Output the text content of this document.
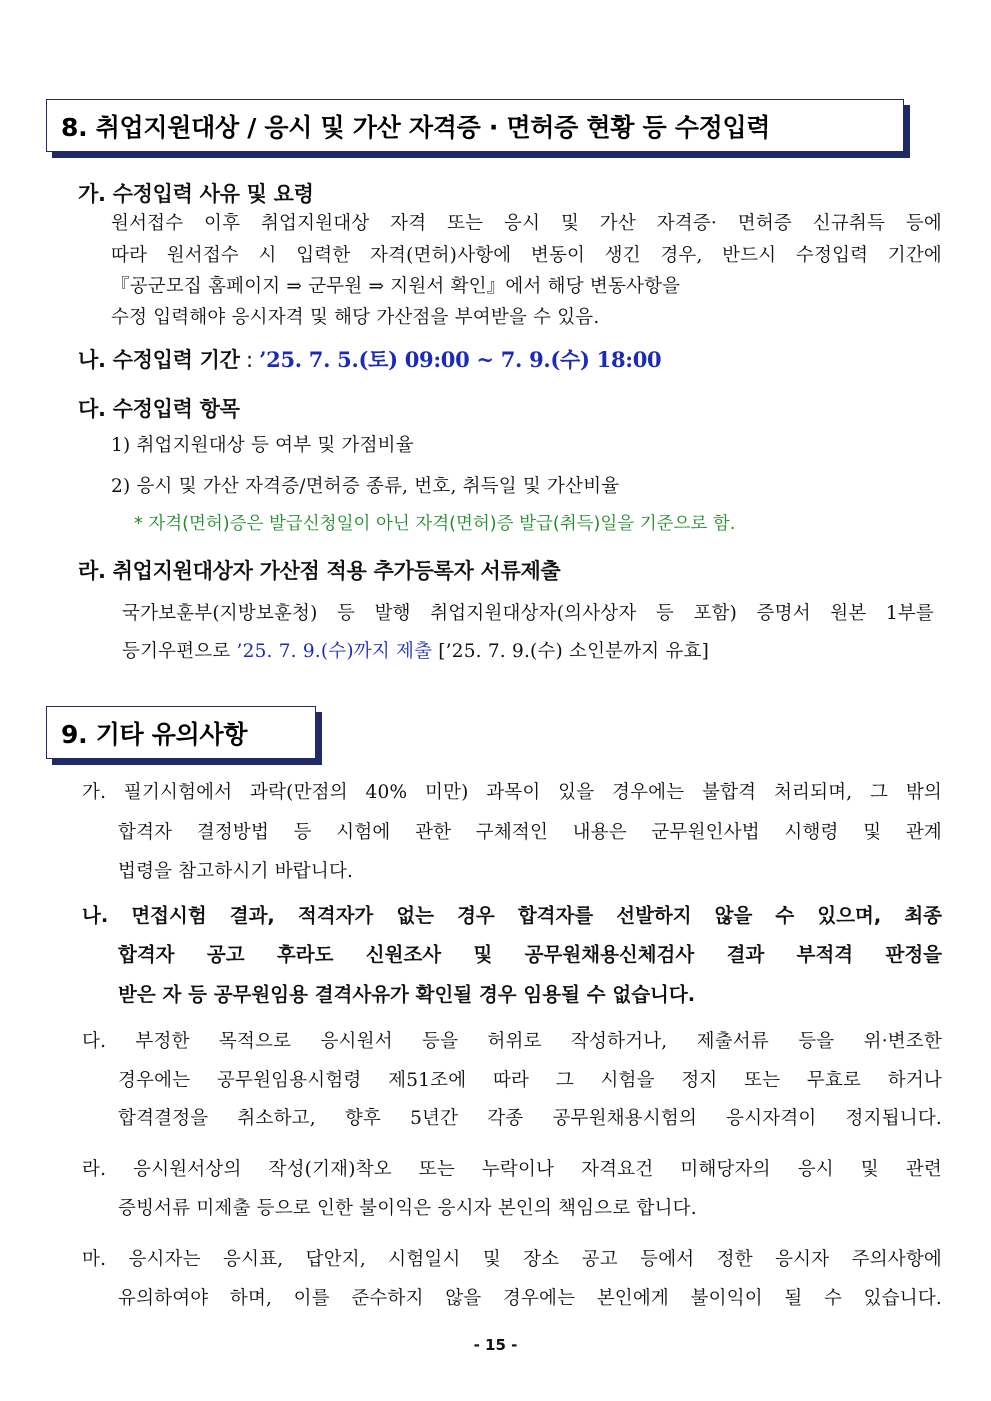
8. 취업지원대상 / 응시 및 가산 자격증 · 면허증 현황 등 수정입력
가. 수정입력 사유 및 요령
원서접수 이후 취업지원대상 자격 또는 응시 및 가산 자격증· 면허증 신규취득 등에
따라 원서접수 시 입력한 자격(면허)사항에 변동이 생긴 경우, 반드시 수정입력 기간에
『공군모집 홈페이지 ⇒ 군무원 ⇒ 지원서 확인』에서 해당 변동사항을
수정 입력해야 응시자격 및 해당 가산점을 부여받을 수 있음.
나. 수정입력 기간 : ’25. 7. 5.(토) 09:00 ~ 7. 9.(수) 18:00
다. 수정입력 항목
1) 취업지원대상 등 여부 및 가점비율
2) 응시 및 가산 자격증/면허증 종류, 번호, 취득일 및 가산비율
* 자격(면허)증은 발급신청일이 아닌 자격(면허)증 발급(취득)일을 기준으로 함.
라. 취업지원대상자 가산점 적용 추가등록자 서류제출
국가보훈부(지방보훈청) 등 발행 취업지원대상자(의사상자 등 포함) 증명서 원본 1부를
등기우편으로 ’25. 7. 9.(수)까지 제출 [’25. 7. 9.(수) 소인분까지 유효]
9. 기타 유의사항
가. 필기시험에서 과락(만점의 40% 미만) 과목이 있을 경우에는 불합격 처리되며, 그 밖의
합격자 결정방법 등 시험에 관한 구체적인 내용은 군무원인사법 시행령 및 관계
법령을 참고하시기 바랍니다.
나. 면접시험 결과, 적격자가 없는 경우 합격자를 선발하지 않을 수 있으며, 최종
합격자 공고 후라도 신원조사 및 공무원채용신체검사 결과 부적격 판정을
받은 자 등 공무원임용 결격사유가 확인될 경우 임용될 수 없습니다.
다. 부정한 목적으로 응시원서 등을 허위로 작성하거나, 제출서류 등을 위·변조한
경우에는 공무원임용시험령 제51조에 따라 그 시험을 정지 또는 무효로 하거나
합격결정을 취소하고, 향후 5년간 각종 공무원채용시험의 응시자격이 정지됩니다.
라. 응시원서상의 작성(기재)착오 또는 누락이나 자격요건 미해당자의 응시 및 관련
증빙서류 미제출 등으로 인한 불이익은 응시자 본인의 책임으로 합니다.
마. 응시자는 응시표, 답안지, 시험일시 및 장소 공고 등에서 정한 응시자 주의사항에
유의하여야 하며, 이를 준수하지 않을 경우에는 본인에게 불이익이 될 수 있습니다.
- 15 -
